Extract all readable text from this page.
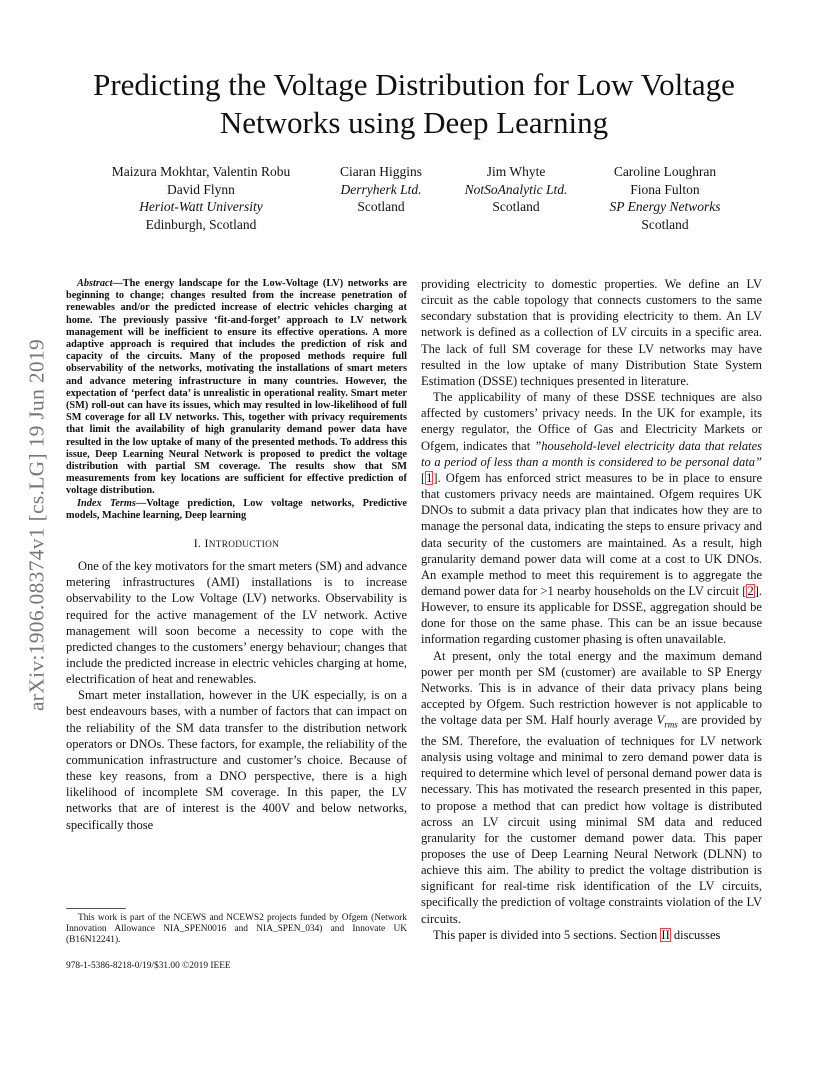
arXiv:1906.08374v1 [cs.LG] 19 Jun 2019
Predicting the Voltage Distribution for Low Voltage Networks using Deep Learning
Maizura Mokhtar, Valentin Robu
David Flynn
Heriot-Watt University
Edinburgh, Scotland
Ciaran Higgins
Derryherk Ltd.
Scotland
Jim Whyte
NotSoAnalytic Ltd.
Scotland
Caroline Loughran
Fiona Fulton
SP Energy Networks
Scotland

Abstract—The energy landscape for the Low-Voltage (LV) networks are beginning to change; changes resulted from the increase penetration of renewables and/or the predicted increase of electric vehicles charging at home. The previously passive ‘fit-and-forget’ approach to LV network management will be inefficient to ensure its effective operations. A more adaptive approach is required that includes the prediction of risk and capacity of the circuits. Many of the proposed methods require full observability of the networks, motivating the installations of smart meters and advance metering infrastructure in many countries. However, the expectation of ‘perfect data’ is unrealistic in operational reality. Smart meter (SM) roll-out can have its issues, which may resulted in low-likelihood of full SM coverage for all LV networks. This, together with privacy requirements that limit the availability of high granularity demand power data have resulted in the low uptake of many of the presented methods. To address this issue, Deep Learning Neural Network is proposed to predict the voltage distribution with partial SM coverage. The results show that SM measurements from key locations are sufficient for effective prediction of voltage distribution.

Index Terms—Voltage prediction, Low voltage networks, Predictive models, Machine learning, Deep learning

I. INTRODUCTION

One of the key motivators for the smart meters (SM) and advance metering infrastructures (AMI) installations is to increase observability to the Low Voltage (LV) networks. Observability is required for the active management of the LV network. Active management will soon become a necessity to cope with the predicted changes to the customers’ energy behaviour; changes that include the predicted increase in electric vehicles charging at home, electrification of heat and renewables.

Smart meter installation, however in the UK especially, is on a best endeavours bases, with a number of factors that can impact on the reliability of the SM data transfer to the distribution network operators or DNOs. These factors, for example, the reliability of the communication infrastructure and customer’s choice. Because of these key reasons, from a DNO perspective, there is a high likelihood of incomplete SM coverage. In this paper, the LV networks that are of interest is the 400V and below networks, specifically those

providing electricity to domestic properties. We define an LV circuit as the cable topology that connects customers to the same secondary substation that is providing electricity to them. An LV network is defined as a collection of LV circuits in a specific area. The lack of full SM coverage for these LV networks may have resulted in the low uptake of many Distribution State System Estimation (DSSE) techniques presented in literature.

The applicability of many of these DSSE techniques are also affected by customers’ privacy needs. In the UK for example, its energy regulator, the Office of Gas and Electricity Markets or Ofgem, indicates that ”household-level electricity data that relates to a period of less than a month is considered to be personal data” [1]. Ofgem has enforced strict measures to be in place to ensure that customers privacy needs are maintained. Ofgem requires UK DNOs to submit a data privacy plan that indicates how they are to manage the personal data, indicating the steps to ensure privacy and data security of the customers are maintained. As a result, high granularity demand power data will come at a cost to UK DNOs. An example method to meet this requirement is to aggregate the demand power data for >1 nearby households on the LV circuit [2]. However, to ensure its applicable for DSSE, aggregation should be done for those on the same phase. This can be an issue because information regarding customer phasing is often unavailable.

At present, only the total energy and the maximum demand power per month per SM (customer) are available to SP Energy Networks. This is in advance of their data privacy plans being accepted by Ofgem. Such restriction however is not applicable to the voltage data per SM. Half hourly average $V_{rms}$ are provided by the SM. Therefore, the evaluation of techniques for LV network analysis using voltage and minimal to zero demand power data is required to determine which level of personal demand power data is necessary. This has motivated the research presented in this paper, to propose a method that can predict how voltage is distributed across an LV circuit using minimal SM data and reduced granularity for the customer demand power data. This paper proposes the use of Deep Learning Neural Network (DLNN) to achieve this aim. The ability to predict the voltage distribution is significant for real-time risk identification of the LV circuits, specifically the prediction of voltage constraints violation of the LV circuits.

This paper is divided into 5 sections. Section II discusses

This work is part of the NCEWS and NCEWS2 projects funded by Ofgem (Network Innovation Allowance NIA_SPEN0016 and NIA_SPEN_034) and Innovate UK (B16N12241).
978-1-5386-8218-0/19/$31.00 ©2019 IEEE
